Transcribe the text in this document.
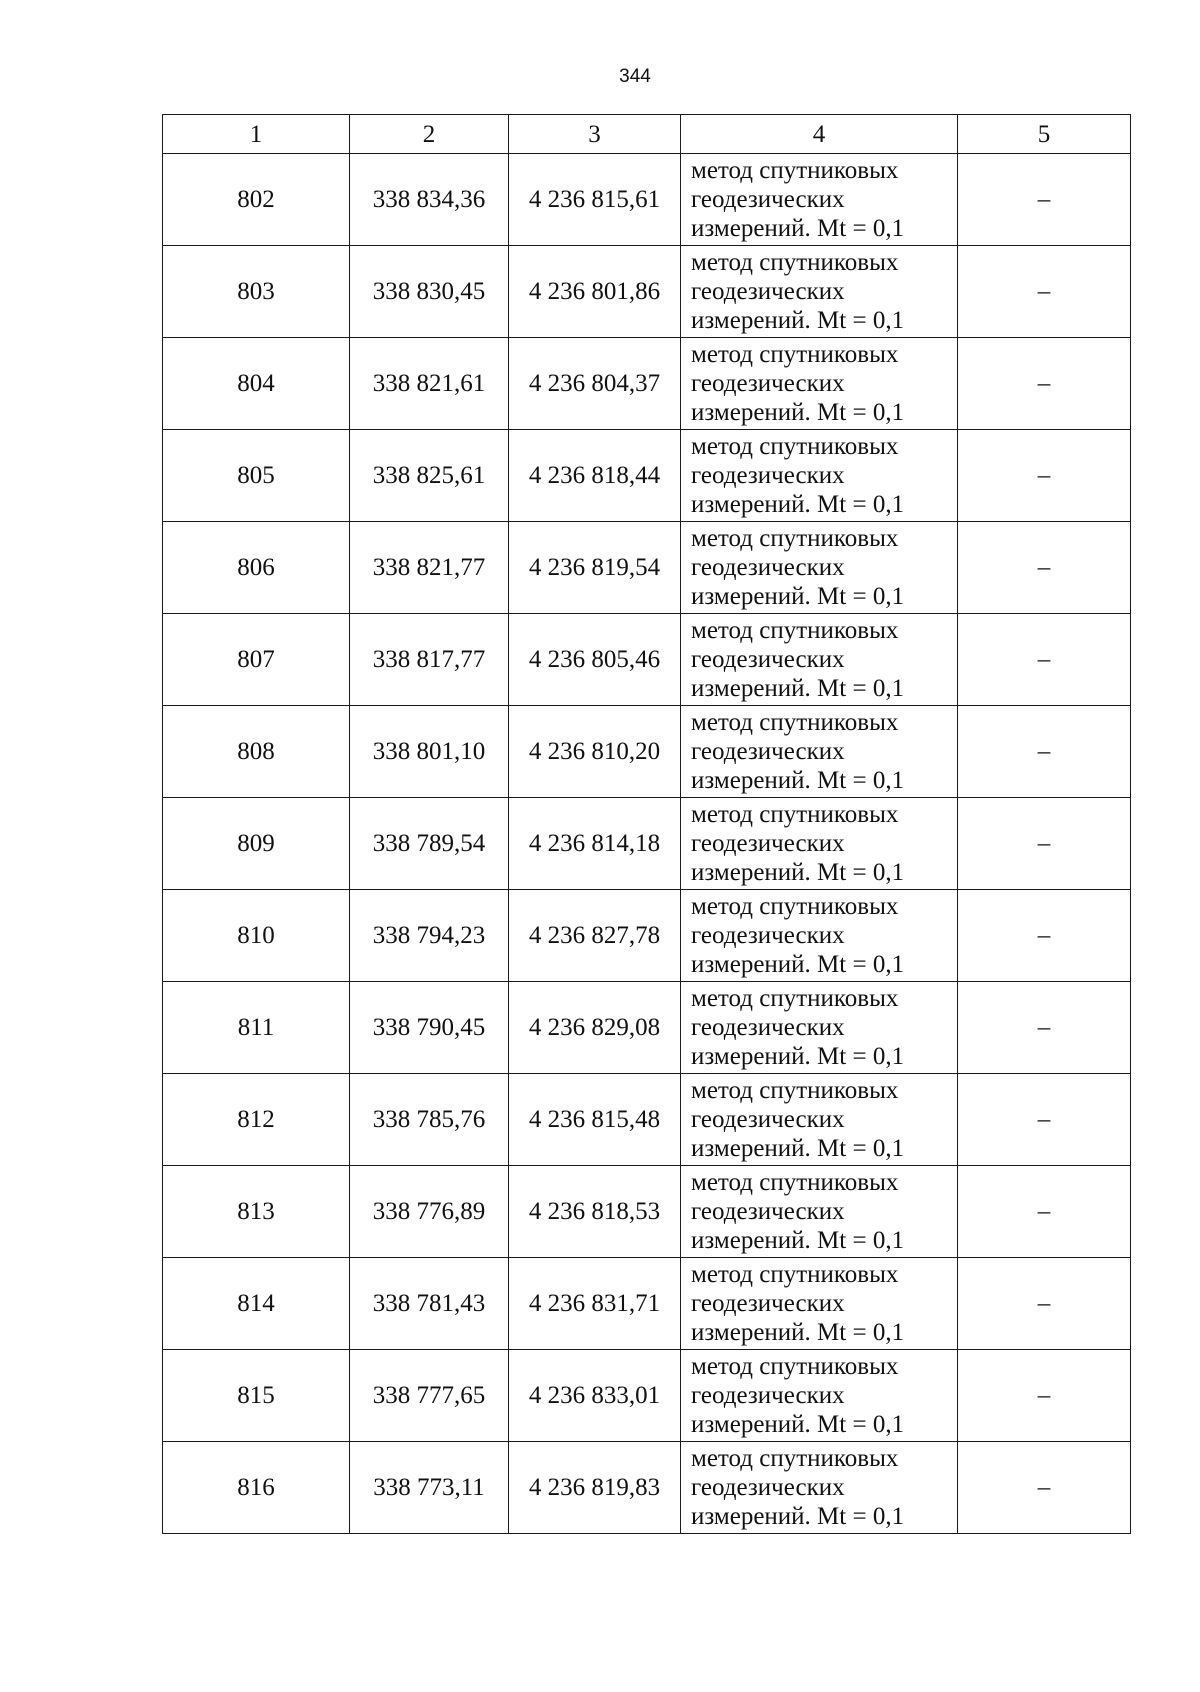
344
1	2	3	4	5
802	338 834,36	4 236 815,61	метод спутниковых геодезических измерений. Mt = 0,1	–
803	338 830,45	4 236 801,86	метод спутниковых геодезических измерений. Mt = 0,1	–
804	338 821,61	4 236 804,37	метод спутниковых геодезических измерений. Mt = 0,1	–
805	338 825,61	4 236 818,44	метод спутниковых геодезических измерений. Mt = 0,1	–
806	338 821,77	4 236 819,54	метод спутниковых геодезических измерений. Mt = 0,1	–
807	338 817,77	4 236 805,46	метод спутниковых геодезических измерений. Mt = 0,1	–
808	338 801,10	4 236 810,20	метод спутниковых геодезических измерений. Mt = 0,1	–
809	338 789,54	4 236 814,18	метод спутниковых геодезических измерений. Mt = 0,1	–
810	338 794,23	4 236 827,78	метод спутниковых геодезических измерений. Mt = 0,1	–
811	338 790,45	4 236 829,08	метод спутниковых геодезических измерений. Mt = 0,1	–
812	338 785,76	4 236 815,48	метод спутниковых геодезических измерений. Mt = 0,1	–
813	338 776,89	4 236 818,53	метод спутниковых геодезических измерений. Mt = 0,1	–
814	338 781,43	4 236 831,71	метод спутниковых геодезических измерений. Mt = 0,1	–
815	338 777,65	4 236 833,01	метод спутниковых геодезических измерений. Mt = 0,1	–
816	338 773,11	4 236 819,83	метод спутниковых геодезических измерений. Mt = 0,1	–
